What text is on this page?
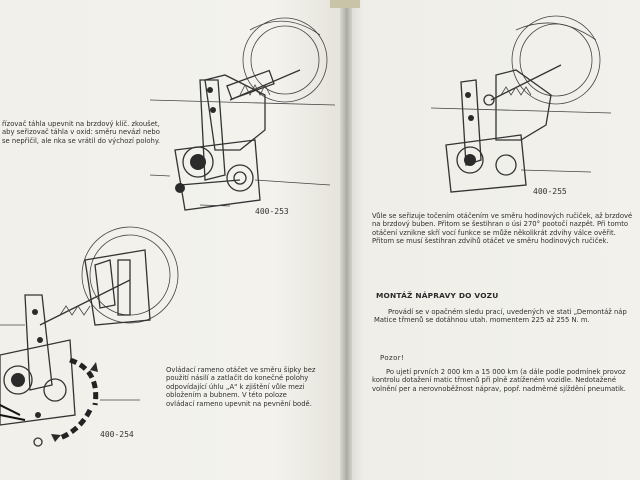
řízovač táhla upevnit na brzdový klíč. zkoušet, aby seřizovač táhla v oxid: směru nevázl nebo se nepřičil, ale nka se vrátil do výchozí polohy.
400-253
400-254
Ovládací rameno otáčet ve směru šipky bez použití násilí a zatlačit do konečné polohy odpovídající úhlu „A" k zjištění vůle mezi obložením a bubnem. V této poloze ovládací rameno upevnit na pevnění bodě.
400-255
Vůle se seřizuje točením otáčením ve směru hodinových ručiček, až brzdové na brzdový buben. Přitom se šestihran o úsi 270° pootočí nazpět. Při tomto otáčení vznikne skří vocí funkce se může několikrát zdvihy válce ověřit. Přitom se musí šestihran zdvihů otáčet ve směru hodinových ručiček.
MONTÁŽ NÁPRAVY DO VOZU
Provádí se v opačném sledu prací, uvedených ve stati „Demontáž náp Matice třmenů se dotáhnou utah. momentem 225 až 255 N. m.
Pozor!
Po ujetí prvních 2 000 km a 15 000 km (a dále podle podmínek provoz kontrolu dotažení matic třmenů při plně zatíženém vozidle. Nedotažené volnění per a nerovnoběžnost náprav, popř. nadměrné sjíždění pneumatik.
